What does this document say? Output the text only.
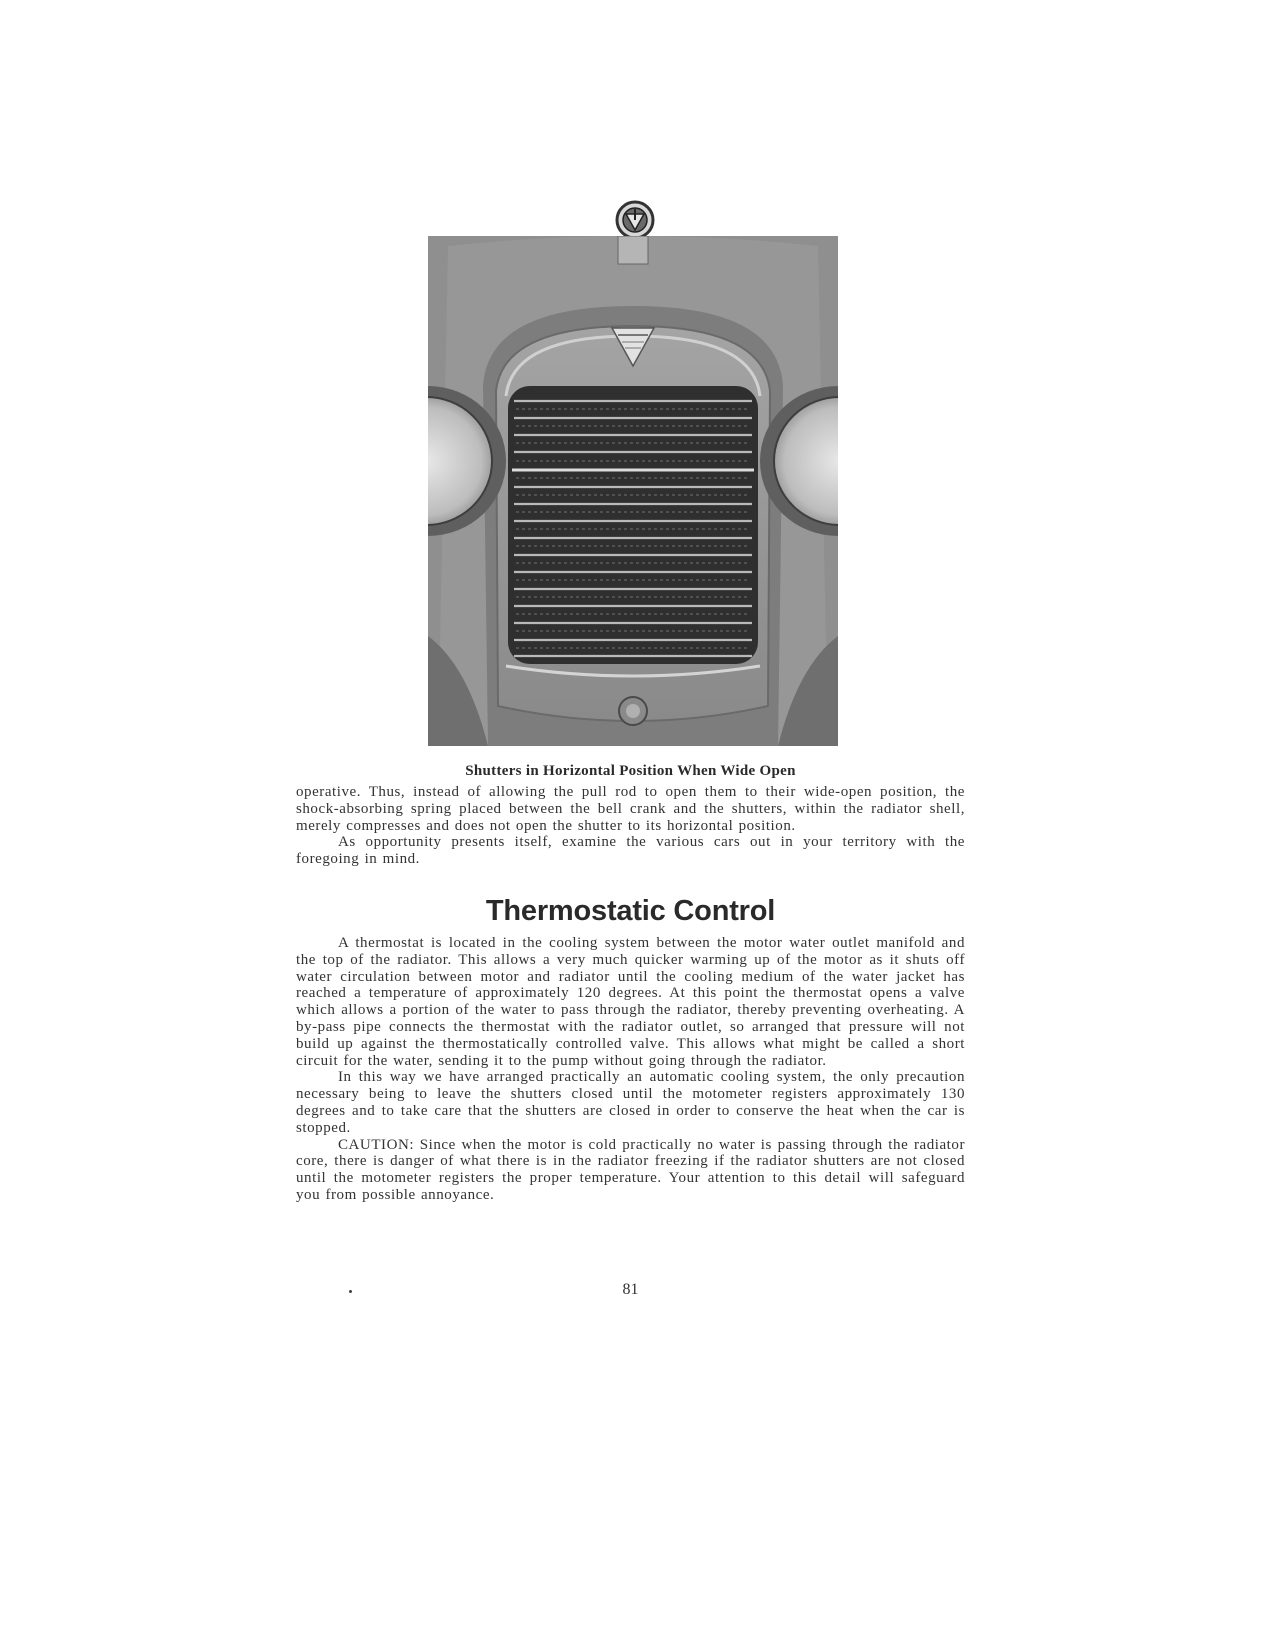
Shutters in Horizontal Position When Wide Open

operative. Thus, instead of allowing the pull rod to open them to their wide-open position, the shock-absorbing spring placed between the bell crank and the shutters, within the radiator shell, merely compresses and does not open the shutter to its horizontal position.

As opportunity presents itself, examine the various cars out in your territory with the foregoing in mind.

Thermostatic Control

A thermostat is located in the cooling system between the motor water outlet manifold and the top of the radiator. This allows a very much quicker warming up of the motor as it shuts off water circulation between motor and radiator until the cooling medium of the water jacket has reached a temperature of approximately 120 degrees. At this point the thermostat opens a valve which allows a portion of the water to pass through the radiator, thereby preventing overheating. A by-pass pipe connects the thermostat with the radiator outlet, so arranged that pressure will not build up against the thermostatically controlled valve. This allows what might be called a short circuit for the water, sending it to the pump without going through the radiator.

In this way we have arranged practically an automatic cooling system, the only precaution necessary being to leave the shutters closed until the motometer registers approximately 130 degrees and to take care that the shutters are closed in order to conserve the heat when the car is stopped.

CAUTION: Since when the motor is cold practically no water is passing through the radiator core, there is danger of what there is in the radiator freezing if the radiator shutters are not closed until the motometer registers the proper temperature. Your attention to this detail will safeguard you from possible annoyance.

81
